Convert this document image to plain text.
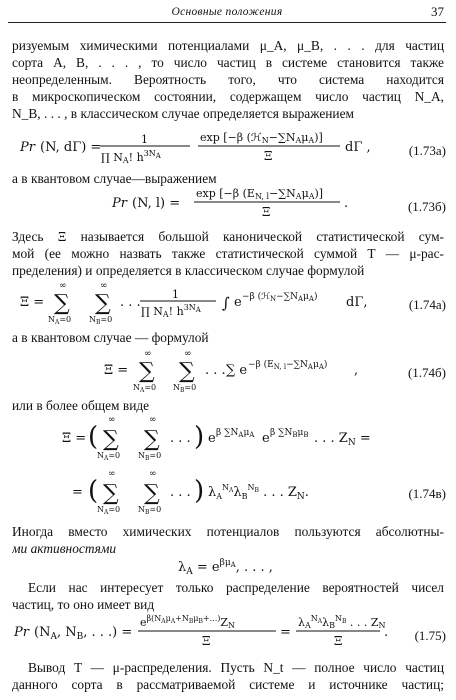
Основные положения	37
ризуемым химическими потенциалами μ_A, μ_B, . . . для частиц
сорта A, B, . . . , то число частиц в системе становится также
неопределенным. Вероятность того, что система находится
в микроскопическом состоянии, содержащем число частиц N_A,
N_B, . . . , в классическом случае определяется выражением
Pr (N, dΓ) =
1
∏ NA! $h^{3N}A$
exp [−β (ℋN−∑NAμA)]
Ξ
dΓ ,	(1.73а)
а в квантовом случае—выражением
Pr (N, l) =
exp [−β (EN, l−∑NAμA)]
Ξ
.	(1.73б)
Здесь Ξ называется большой канонической статистической сум-
мой (ее можно назвать также статистической суммой T — μ-рас-
пределения) и определяется в классическом случае формулой
Ξ =
∞
∑
$N_A=0$
∞
∑
$N_B=0$
. . .
1
∏ NA! $h^{3N}A$ ∫ e −β $(ℋ_N-\sum N_A\mu_A)$ dΓ,	(1.74а)
а в квантовом случае — формулой
Ξ =
∞
∑
$N_A=0$
∞
∑
$N_B=0$
. . . ∑ e −β $(E_{N, l}-\sum N_A\mu_A)$ ,	(1.74б)
или в более общем виде
Ξ = (
∞
∑
$N_A=0$
∞
∑
$N_B=0$
. . . ) e β $\sum N_A\mu_A$ e β $\sum N_B\mu_B$ . . . $Z_N$ =
= (
∞
∑
$N_A=0$
∞
∑
$N_B=0$
. . . ) $\lambda_A^NA\lambda_B^NB$ . . . $Z_N$.	(1.74в)
Иногда вместо химических потенциалов пользуются абсолютны-
ми активностями
$\lambda_A = e^{\beta\mu}A$, . . . ,
Если нас интересует только распределение вероятностей чисел
частиц, то оно имеет вид
Pr ($N_A$, $N_B$, . . .) =
$e^{\beta(N}A\mu A+NB\mu B+...)ZN$
Ξ
=
$\lambda A^NA\lambda B^NB$ . . . ZN
Ξ
. (1.75)
Вывод T — μ-распределения. Пусть N_t — полное число частиц
данного сорта в рассматриваемой системе и источнике частиц;
